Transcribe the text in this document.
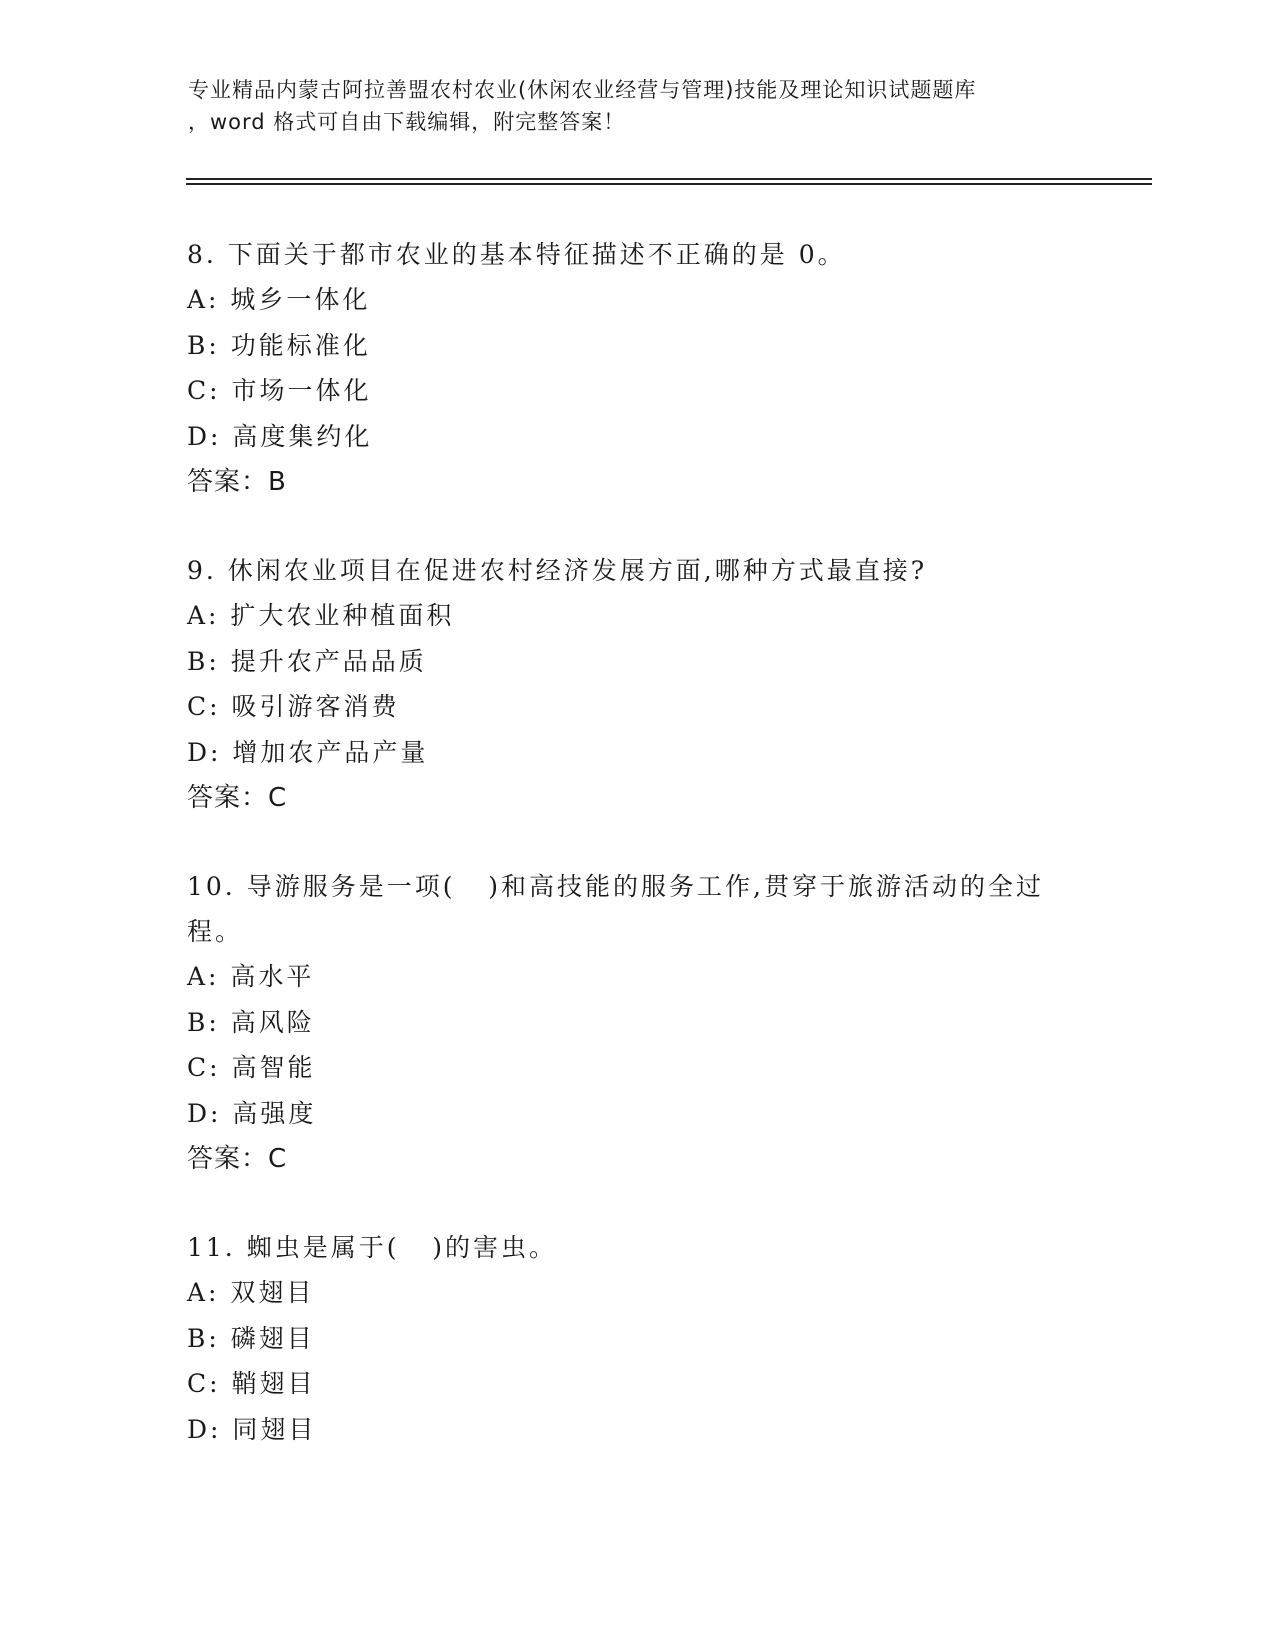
专业精品内蒙古阿拉善盟农村农业(休闲农业经营与管理)技能及理论知识试题题库
，word 格式可自由下载编辑，附完整答案！
8. 下面关于都市农业的基本特征描述不正确的是 0。
A: 城乡一体化
B: 功能标准化
C: 市场一体化
D: 高度集约化
答案：B
9. 休闲农业项目在促进农村经济发展方面,哪种方式最直接?
A: 扩大农业种植面积
B: 提升农产品品质
C: 吸引游客消费
D: 增加农产品产量
答案：C
10. 导游服务是一项(   )和高技能的服务工作,贯穿于旅游活动的全过程。
A: 高水平
B: 高风险
C: 高智能
D: 高强度
答案：C
11. 蜘虫是属于(   )的害虫。
A: 双翅目
B: 磷翅目
C: 鞘翅目
D: 同翅目
